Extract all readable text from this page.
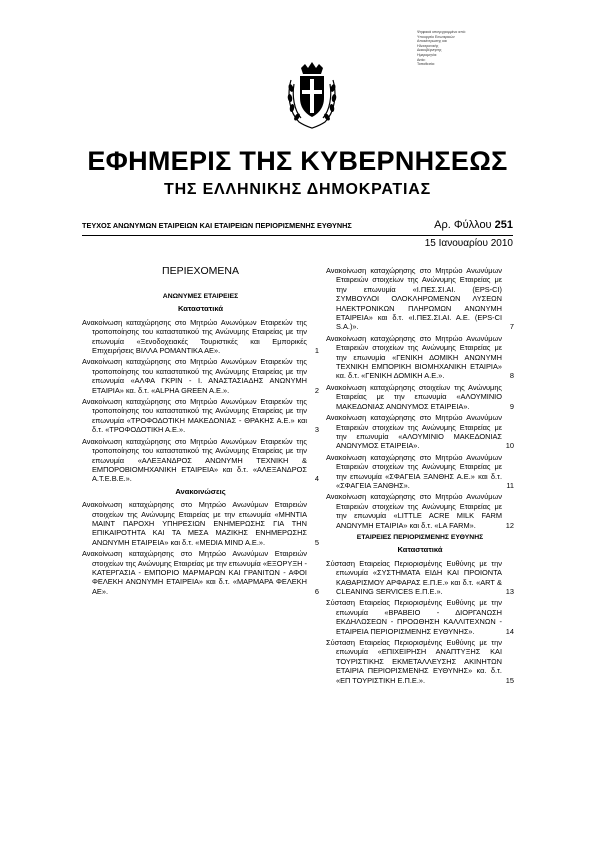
Ψηφιακά υπογεγραμμένο από:
Υπουργείο Εσωτερικών
Αποκέντρωσης και
Ηλεκτρονικής
Διακυβέρνησης
Ημερομηνία:
Αιτία:
Τοποθεσία:
ΕΦΗΜΕΡΙΣ ΤΗΣ ΚΥΒΕΡΝΗΣΕΩΣ
ΤΗΣ ΕΛΛΗΝΙΚΗΣ ΔΗΜΟΚΡΑΤΙΑΣ
ΤΕΥΧΟΣ ΑΝΩΝΥΜΩΝ ΕΤΑΙΡΕΙΩΝ ΚΑΙ ΕΤΑΙΡΕΙΩΝ ΠΕΡΙΟΡΙΣΜΕΝΗΣ ΕΥΘΥΝΗΣ	Αρ. Φύλλου 251
15 Ιανουαρίου 2010
ΠΕΡΙΕΧΟΜΕΝΑ
ΑΝΩΝΥΜΕΣ ΕΤΑΙΡΕΙΕΣ
Καταστατικά
Ανακοίνωση καταχώρησης στο Μητρώο Ανωνύμων Εταιρειών της τροποποίησης του καταστατικού της Ανώνυμης Εταιρείας με την επωνυμία «Ξενοδοχειακές Τουριστικές και Εμπορικές Επιχειρήσεις ΒΙΛΛΑ ΡΟΜΑΝΤΙΚΑ ΑΕ».	1
Ανακοίνωση καταχώρησης στο Μητρώο Ανωνύμων Εταιρειών της τροποποίησης του καταστατικού της Ανώνυμης Εταιρείας με την επωνυμία «ΑΛΦΑ ΓΚΡΙΝ - Ι. ΑΝΑΣΤΑΣΙΑΔΗΣ ΑΝΩΝΥΜΗ ΕΤΑΙΡΙΑ» κα. δ.τ. «ALPHA GREEN A.E.».	2
Ανακοίνωση καταχώρησης στο Μητρώο Ανωνύμων Εταιρειών της τροποποίησης του καταστατικού της Ανώνυμης Εταιρείας με την επωνυμία «ΤΡΟΦΟΔΟΤΙΚΗ ΜΑΚΕΔΟΝΙΑΣ - ΘΡΑΚΗΣ Α.Ε.» και δ.τ. «ΤΡΟΦΟΔΟΤΙΚΗ Α.Ε.».	3
Ανακοίνωση καταχώρησης στο Μητρώο Ανωνύμων Εταιρειών της τροποποίησης του καταστατικού της Ανώνυμης Εταιρείας με την επωνυμία «ΑΛΕΞΑΝΔΡΟΣ ΑΝΩΝΥΜΗ ΤΕΧΝΙΚΗ & ΕΜΠΟΡΟΒΙΟΜΗΧΑΝΙΚΗ ΕΤΑΙΡΕΙΑ» και δ.τ. «ΑΛΕΞΑΝΔΡΟΣ Α.Τ.Ε.Β.Ε.».	4
Ανακοινώσεις
Ανακοίνωση καταχώρησης στο Μητρώο Ανωνύμων Εταιρειών στοιχείων της Ανώνυμης Εταιρείας με την επωνυμία «ΜΗΝΤΙΑ ΜΑΙΝΤ ΠΑΡΟΧΗ ΥΠΗΡΕΣΙΩΝ ΕΝΗΜΕΡΩΣΗΣ ΓΙΑ ΤΗΝ ΕΠΙΚΑΙΡΟΤΗΤΑ ΚΑΙ ΤΑ ΜΕΣΑ ΜΑΖΙΚΗΣ ΕΝΗΜΕΡΩΣΗΣ ΑΝΩΝΥΜΗ ΕΤΑΙΡΕΙΑ» και δ.τ. «MEDIA MIND A.E.».	5
Ανακοίνωση καταχώρησης στο Μητρώο Ανωνύμων Εταιρειών στοιχείων της Ανώνυμης Εταιρείας με την επωνυμία «ΕΞΟΡΥΞΗ - ΚΑΤΕΡΓΑΣΙΑ - ΕΜΠΟΡΙΟ ΜΑΡΜΑΡΩΝ ΚΑΙ ΓΡΑΝΙΤΩΝ - ΑΦΟΙ ΦΕΛΕΚΗ ΑΝΩΝΥΜΗ ΕΤΑΙΡΕΙΑ» και δ.τ. «ΜΑΡΜΑΡΑ ΦΕΛΕΚΗ ΑΕ».	6
Ανακοίνωση καταχώρησης στο Μητρώο Ανωνύμων Εταιρειών στοιχείων της Ανώνυμης Εταιρείας με την επωνυμία «Ι.ΠΕΣ.ΣΙ.ΑΙ. (EPS-CI) ΣΥΜΒΟΥΛΟΙ ΟΛΟΚΛΗΡΩΜΕΝΩΝ ΛΥΣΕΩΝ ΗΛΕΚΤΡΟΝΙΚΩΝ ΠΛΗΡΩΜΩΝ ΑΝΩΝΥΜΗ ΕΤΑΙΡΕΙΑ» και δ.τ. «Ι.ΠΕΣ.ΣΙ.ΑΙ. Α.Ε. (EPS-CI S.A.)».	7
Ανακοίνωση καταχώρησης στο Μητρώο Ανωνύμων Εταιρειών στοιχείων της Ανώνυμης Εταιρείας με την επωνυμία «ΓΕΝΙΚΗ ΔΟΜΙΚΗ ΑΝΩΝΥΜΗ ΤΕΧΝΙΚΗ ΕΜΠΟΡΙΚΗ ΒΙΟΜΗΧΑΝΙΚΗ ΕΤΑΙΡΙΑ» κα. δ.τ. «ΓΕΝΙΚΗ ΔΟΜΙΚΗ Α.Ε.».	8
Ανακοίνωση καταχώρησης στοιχείων της Ανώνυμης Εταιρείας με την επωνυμία «ΑΛΟΥΜΙΝΙΟ ΜΑΚΕΔΟΝΙΑΣ ΑΝΩΝΥΜΟΣ ΕΤΑΙΡΕΙΑ».	9
Ανακοίνωση καταχώρησης στο Μητρώο Ανωνύμων Εταιρειών στοιχείων της Ανώνυμης Εταιρείας με την επωνυμία «ΑΛΟΥΜΙΝΙΟ ΜΑΚΕΔΟΝΙΑΣ ΑΝΩΝΥΜΟΣ ΕΤΑΙΡΕΙΑ».	10
Ανακοίνωση καταχώρησης στο Μητρώο Ανωνύμων Εταιρειών στοιχείων της Ανώνυμης Εταιρείας με την επωνυμία «ΣΦΑΓΕΙΑ ΞΑΝΘΗΣ Α.Ε.» και δ.τ. «ΣΦΑΓΕΙΑ ΞΑΝΘΗΣ».	11
Ανακοίνωση καταχώρησης στο Μητρώο Ανωνύμων Εταιρειών στοιχείων της Ανώνυμης Εταιρείας με την επωνυμία «LITTLE ACRE MILK FARM ΑΝΩΝΥΜΗ ΕΤΑΙΡΙΑ» και δ.τ. «LA FARM».	12
ΕΤΑΙΡΕΙΕΣ ΠΕΡΙΟΡΙΣΜΕΝΗΣ ΕΥΘΥΝΗΣ
Καταστατικά
Σύσταση Εταιρείας Περιορισμένης Ευθύνης με την επωνυμία «ΣΥΣΤΗΜΑΤΑ ΕΙΔΗ ΚΑΙ ΠΡΟΙΟΝΤΑ ΚΑΘΑΡΙΣΜΟΥ ΑΡΦΑΡΑΣ Ε.Π.Ε.» και δ.τ. «ART & CLEANING SERVICES Ε.Π.Ε.».	13
Σύσταση Εταιρείας Περιορισμένης Ευθύνης με την επωνυμία «ΒΡΑΒΕΙΟ - ΔΙΟΡΓΑΝΩΣΗ ΕΚΔΗΛΩΣΕΩΝ - ΠΡΟΩΘΗΣΗ ΚΑΛΛΙΤΕΧΝΩΝ - ΕΤΑΙΡΕΙΑ ΠΕΡΙΟΡΙΣΜΕΝΗΣ ΕΥΘΥΝΗΣ».	14
Σύσταση Εταιρείας Περιορισμένης Ευθύνης με την επωνυμία «ΕΠΙΧΕΙΡΗΣΗ ΑΝΑΠΤΥΞΗΣ ΚΑΙ ΤΟΥΡΙΣΤΙΚΗΣ ΕΚΜΕΤΑΛΛΕΥΣΗΣ ΑΚΙΝΗΤΩΝ ΕΤΑΙΡΙΑ ΠΕΡΙΟΡΙΣΜΕΝΗΣ ΕΥΘΥΝΗΣ» κα. δ.τ. «ΕΠ ΤΟΥΡΙΣΤΙΚΗ Ε.Π.Ε.».	15
